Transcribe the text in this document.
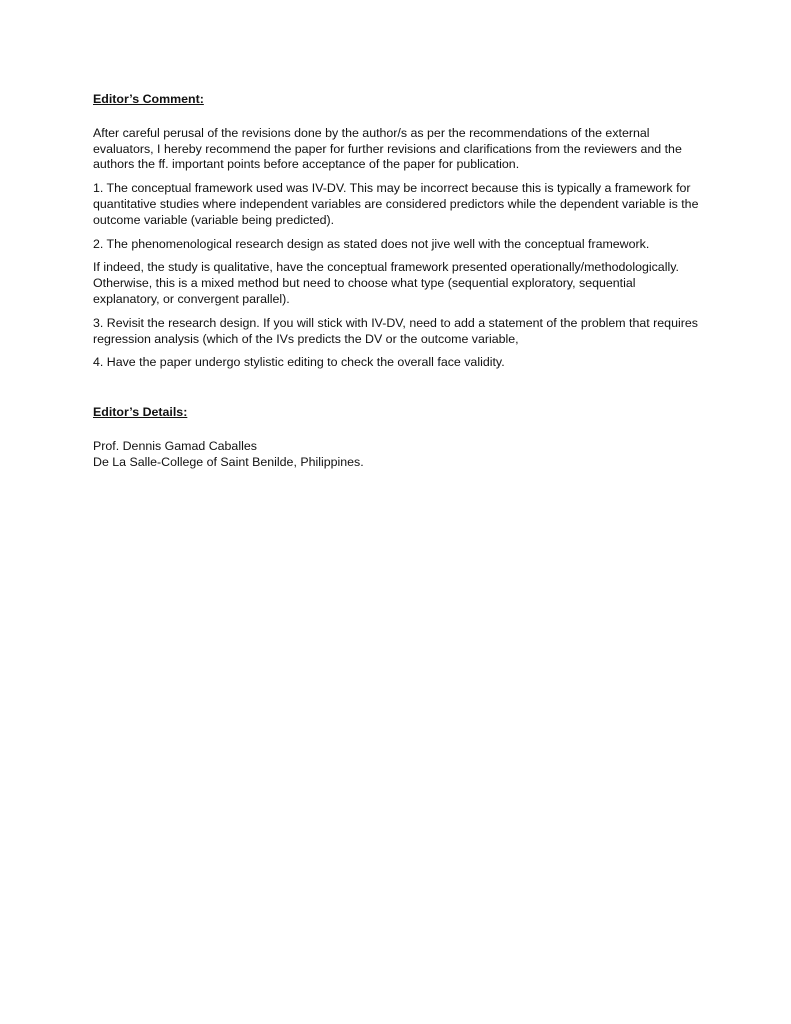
Editor’s Comment:

After careful perusal of the revisions done by the author/s as per the recommendations of the external evaluators, I hereby recommend the paper for further revisions and clarifications from the reviewers and the authors the ff. important points before acceptance of the paper for publication.

1. The conceptual framework used was IV-DV. This may be incorrect because this is typically a framework for quantitative studies where independent variables are considered predictors while the dependent variable is the outcome variable (variable being predicted).

2. The phenomenological research design as stated does not jive well with the conceptual framework.

If indeed, the study is qualitative, have the conceptual framework presented operationally/methodologically. Otherwise, this is a mixed method but need to choose what type (sequential exploratory, sequential explanatory, or convergent parallel).

3. Revisit the research design. If you will stick with IV-DV, need to add a statement of the problem that requires regression analysis (which of the IVs predicts the DV or the outcome variable,

4. Have the paper undergo stylistic editing to check the overall face validity.

Editor’s Details:

Prof. Dennis Gamad Caballes

De La Salle-College of Saint Benilde, Philippines.
